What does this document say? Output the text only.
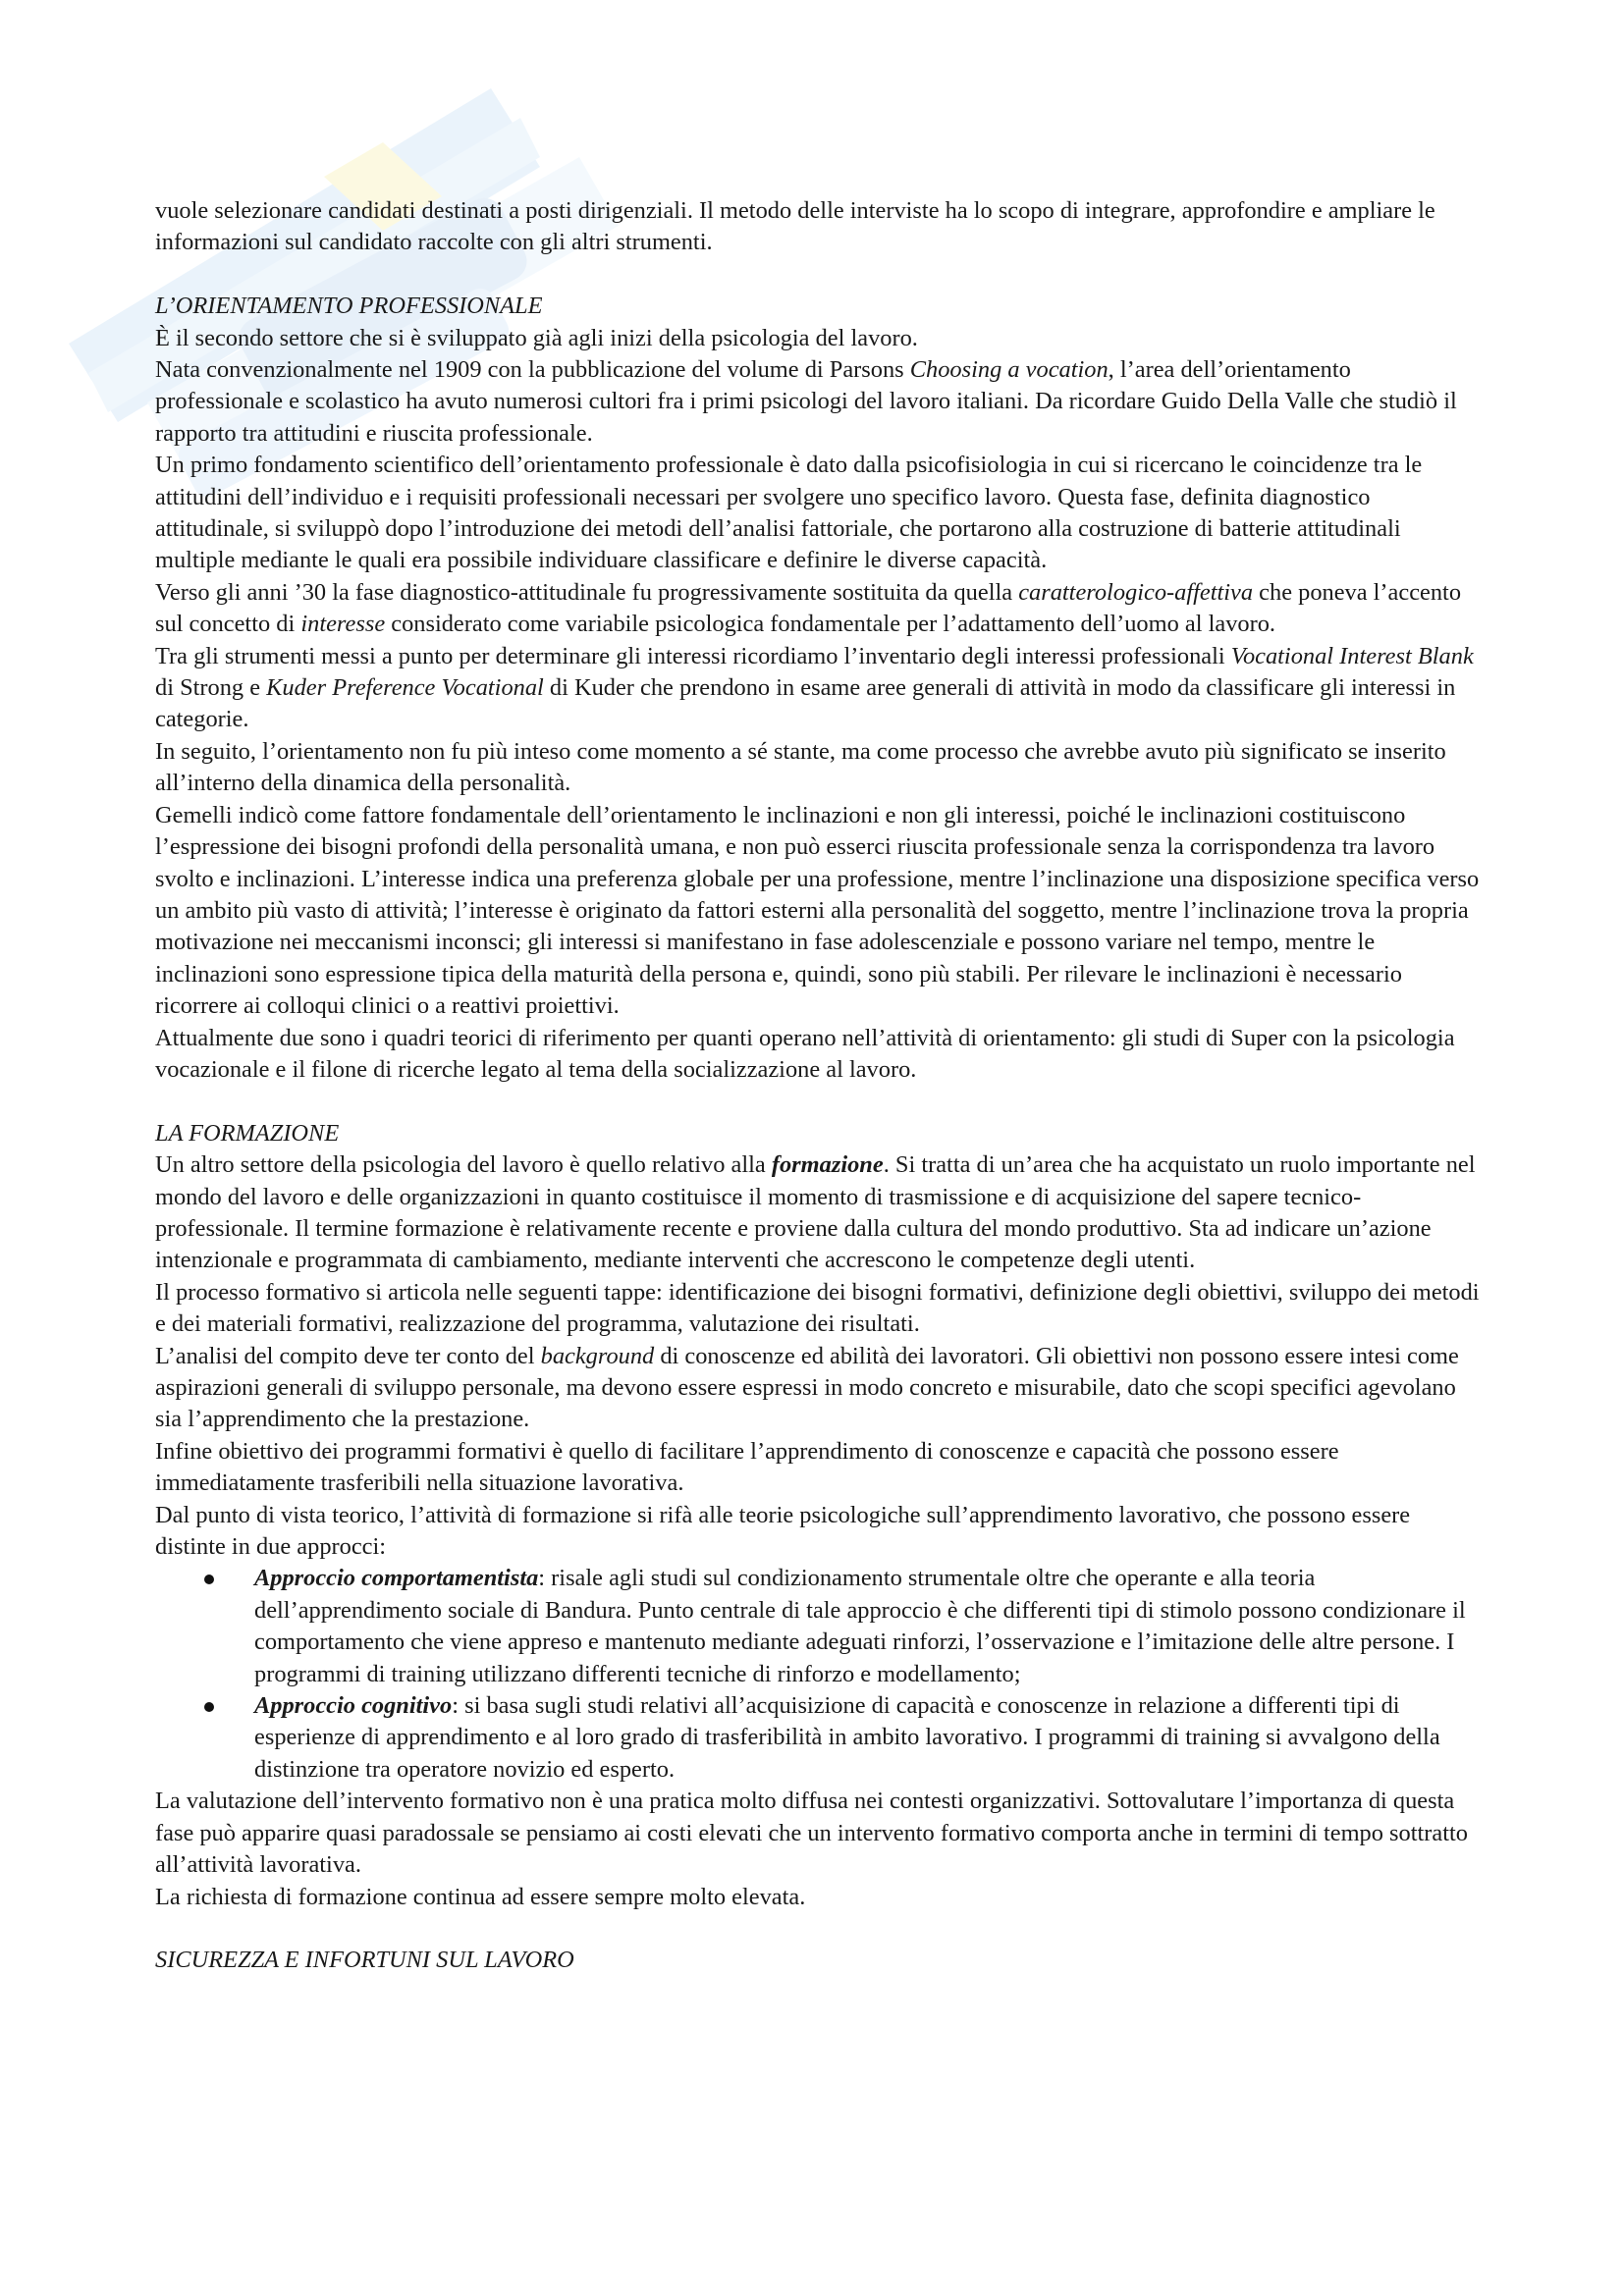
vuole selezionare candidati destinati a posti dirigenziali. Il metodo delle interviste ha lo scopo di integrare, approfondire e ampliare le informazioni sul candidato raccolte con gli altri strumenti.

L’ORIENTAMENTO PROFESSIONALE

È il secondo settore che si è sviluppato già agli inizi della psicologia del lavoro.

Nata convenzionalmente nel 1909 con la pubblicazione del volume di Parsons Choosing a vocation, l’area dell’orientamento professionale e scolastico ha avuto numerosi cultori fra i primi psicologi del lavoro italiani. Da ricordare Guido Della Valle che studiò il rapporto tra attitudini e riuscita professionale.

Un primo fondamento scientifico dell’orientamento professionale è dato dalla psicofisiologia in cui si ricercano le coincidenze tra le attitudini dell’individuo e i requisiti professionali necessari per svolgere uno specifico lavoro. Questa fase, definita diagnostico attitudinale, si sviluppò dopo l’introduzione dei metodi dell’analisi fattoriale, che portarono alla costruzione di batterie attitudinali multiple mediante le quali era possibile individuare classificare e definire le diverse capacità.

Verso gli anni ’30 la fase diagnostico-attitudinale fu progressivamente sostituita da quella caratterologico-affettiva che poneva l’accento sul concetto di interesse considerato come variabile psicologica fondamentale per l’adattamento dell’uomo al lavoro.

Tra gli strumenti messi a punto per determinare gli interessi ricordiamo l’inventario degli interessi professionali Vocational Interest Blank di Strong e Kuder Preference Vocational di Kuder che prendono in esame aree generali di attività in modo da classificare gli interessi in categorie.

In seguito, l’orientamento non fu più inteso come momento a sé stante, ma come processo che avrebbe avuto più significato se inserito all’interno della dinamica della personalità.

Gemelli indicò come fattore fondamentale dell’orientamento le inclinazioni e non gli interessi, poiché le inclinazioni costituiscono l’espressione dei bisogni profondi della personalità umana, e non può esserci riuscita professionale senza la corrispondenza tra lavoro svolto e inclinazioni. L’interesse indica una preferenza globale per una professione, mentre l’inclinazione una disposizione specifica verso un ambito più vasto di attività; l’interesse è originato da fattori esterni alla personalità del soggetto, mentre l’inclinazione trova la propria motivazione nei meccanismi inconsci; gli interessi si manifestano in fase adolescenziale e possono variare nel tempo, mentre le inclinazioni sono espressione tipica della maturità della persona e, quindi, sono più stabili. Per rilevare le inclinazioni è necessario ricorrere ai colloqui clinici o a reattivi proiettivi.

Attualmente due sono i quadri teorici di riferimento per quanti operano nell’attività di orientamento: gli studi di Super con la psicologia vocazionale e il filone di ricerche legato al tema della socializzazione al lavoro.

LA FORMAZIONE

Un altro settore della psicologia del lavoro è quello relativo alla formazione. Si tratta di un’area che ha acquistato un ruolo importante nel mondo del lavoro e delle organizzazioni in quanto costituisce il momento di trasmissione e di acquisizione del sapere tecnico-professionale. Il termine formazione è relativamente recente e proviene dalla cultura del mondo produttivo. Sta ad indicare un’azione intenzionale e programmata di cambiamento, mediante interventi che accrescono le competenze degli utenti.

Il processo formativo si articola nelle seguenti tappe: identificazione dei bisogni formativi, definizione degli obiettivi, sviluppo dei metodi e dei materiali formativi, realizzazione del programma, valutazione dei risultati.

L’analisi del compito deve ter conto del background di conoscenze ed abilità dei lavoratori. Gli obiettivi non possono essere intesi come aspirazioni generali di sviluppo personale, ma devono essere espressi in modo concreto e misurabile, dato che scopi specifici agevolano sia l’apprendimento che la prestazione.

Infine obiettivo dei programmi formativi è quello di facilitare l’apprendimento di conoscenze e capacità che possono essere immediatamente trasferibili nella situazione lavorativa.

Dal punto di vista teorico, l’attività di formazione si rifà alle teorie psicologiche sull’apprendimento lavorativo, che possono essere distinte in due approcci:

Approccio comportamentista: risale agli studi sul condizionamento strumentale oltre che operante e alla teoria dell’apprendimento sociale di Bandura. Punto centrale di tale approccio è che differenti tipi di stimolo possono condizionare il comportamento che viene appreso e mantenuto mediante adeguati rinforzi, l’osservazione e l’imitazione delle altre persone. I programmi di training utilizzano differenti tecniche di rinforzo e modellamento;
Approccio cognitivo: si basa sugli studi relativi all’acquisizione di capacità e conoscenze in relazione a differenti tipi di esperienze di apprendimento e al loro grado di trasferibilità in ambito lavorativo. I programmi di training si avvalgono della distinzione tra operatore novizio ed esperto.

La valutazione dell’intervento formativo non è una pratica molto diffusa nei contesti organizzativi. Sottovalutare l’importanza di questa fase può apparire quasi paradossale se pensiamo ai costi elevati che un intervento formativo comporta anche in termini di tempo sottratto all’attività lavorativa.

La richiesta di formazione continua ad essere sempre molto elevata.

SICUREZZA E INFORTUNI SUL LAVORO
